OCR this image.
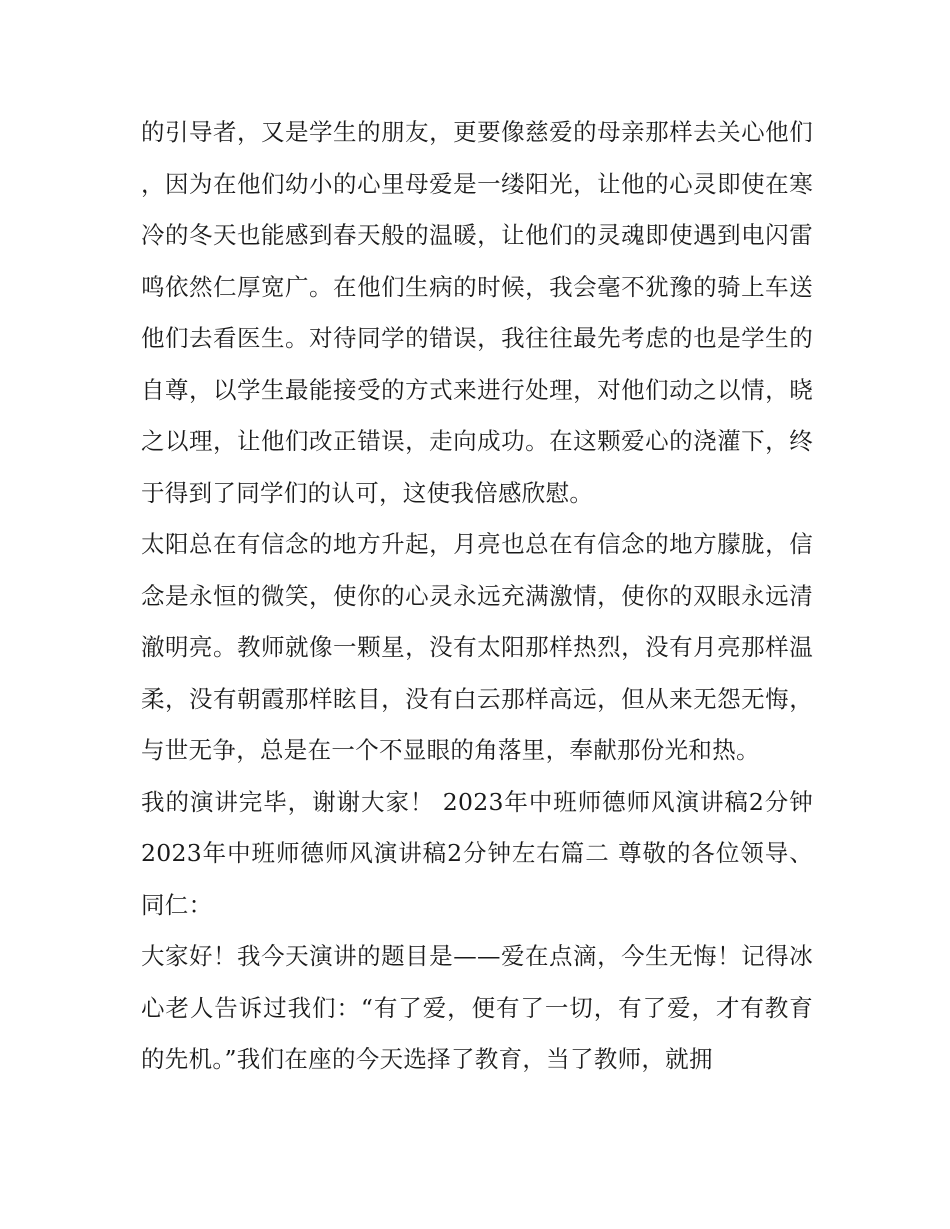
的引导者，又是学生的朋友，更要像慈爱的母亲那样去关心他们，因为在他们幼小的心里母爱是一缕阳光，让他的心灵即使在寒冷的冬天也能感到春天般的温暖，让他们的灵魂即使遇到电闪雷鸣依然仁厚宽广。在他们生病的时候，我会毫不犹豫的骑上车送他们去看医生。对待同学的错误，我往往最先考虑的也是学生的自尊，以学生最能接受的方式来进行处理，对他们动之以情，晓之以理，让他们改正错误，走向成功。在这颗爱心的浇灌下，终于得到了同学们的认可，这使我倍感欣慰。

太阳总在有信念的地方升起，月亮也总在有信念的地方朦胧，信念是永恒的微笑，使你的心灵永远充满激情，使你的双眼永远清澈明亮。教师就像一颗星，没有太阳那样热烈，没有月亮那样温柔，没有朝霞那样眩目，没有白云那样高远，但从来无怨无悔，与世无争，总是在一个不显眼的角落里，奉献那份光和热。

我的演讲完毕，谢谢大家！ 2023年中班师德师风演讲稿2分钟 2023年中班师德师风演讲稿2分钟左右篇二 尊敬的各位领导、同仁：

大家好！我今天演讲的题目是——爱在点滴，今生无悔！记得冰心老人告诉过我们：“有了爱，便有了一切，有了爱，才有教育的先机。”我们在座的今天选择了教育，当了教师，就拥
